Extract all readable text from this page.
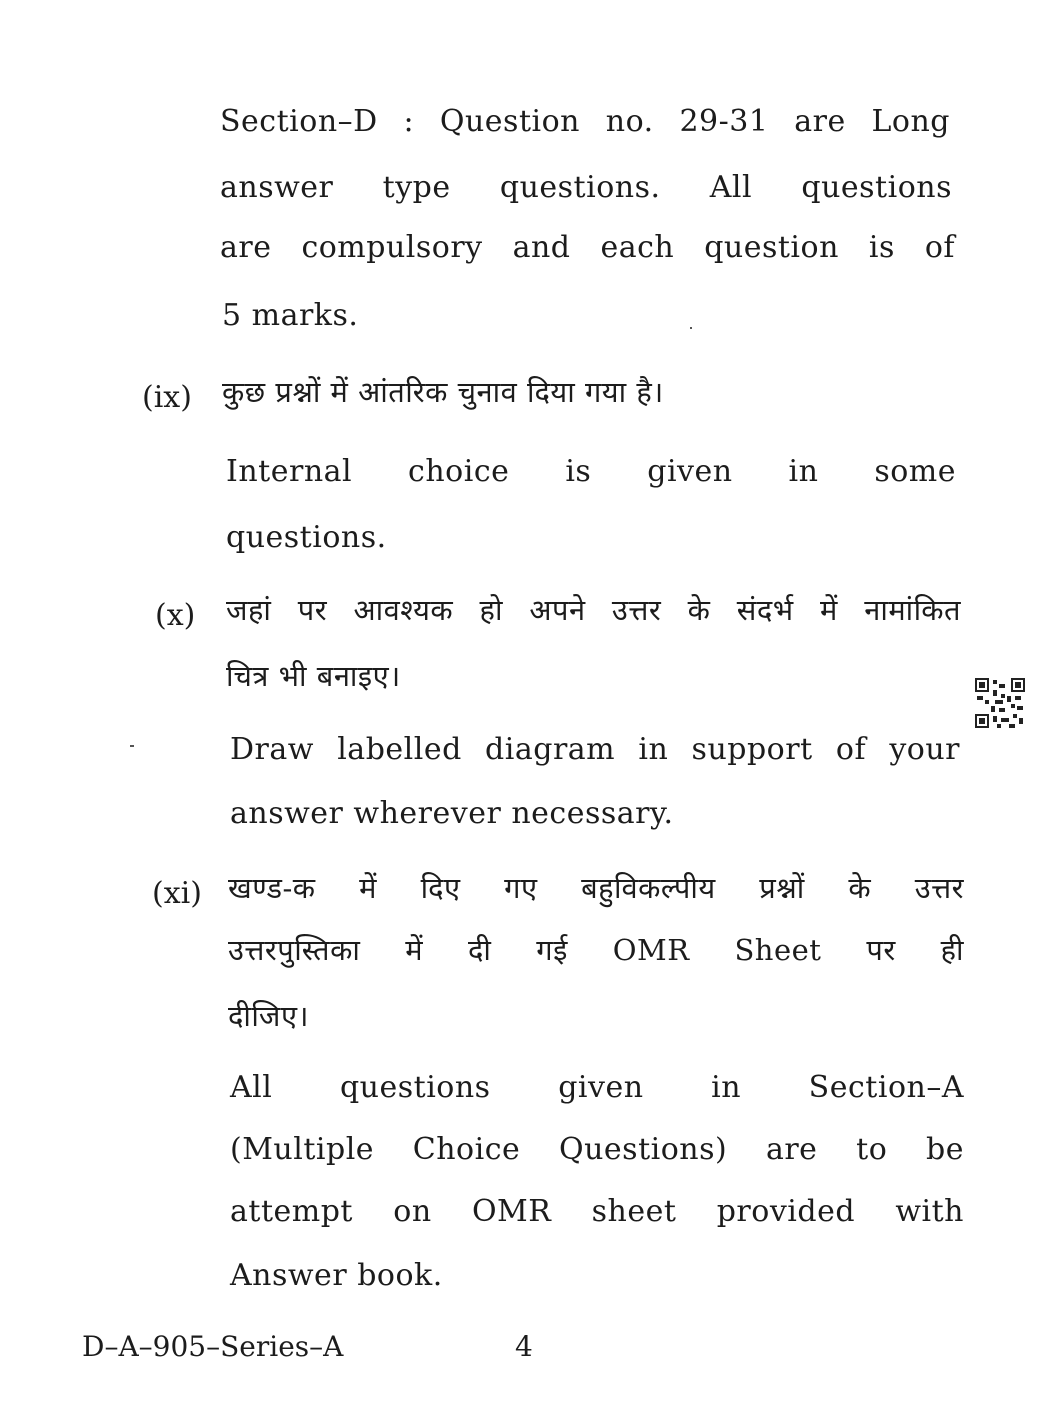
Section–D : Question no. 29-31 are Long
answer type questions. All questions
are compulsory and each question is of
5 marks.
(ix) कुछ प्रश्नों में आंतरिक चुनाव दिया गया है।
Internal choice is given in some
questions.
(x) जहां पर आवश्यक हो अपने उत्तर के संदर्भ में नामांकित
चित्र भी बनाइए।
Draw labelled diagram in support of your
answer wherever necessary.
(xi) खण्ड-क में दिए गए बहुविकल्पीय प्रश्नों के उत्तर
उत्तरपुस्तिका में दी गई OMR Sheet पर ही
दीजिए।
All questions given in Section–A
(Multiple Choice Questions) are to be
attempt on OMR sheet provided with
Answer book.
D–A–905–Series–A	4
